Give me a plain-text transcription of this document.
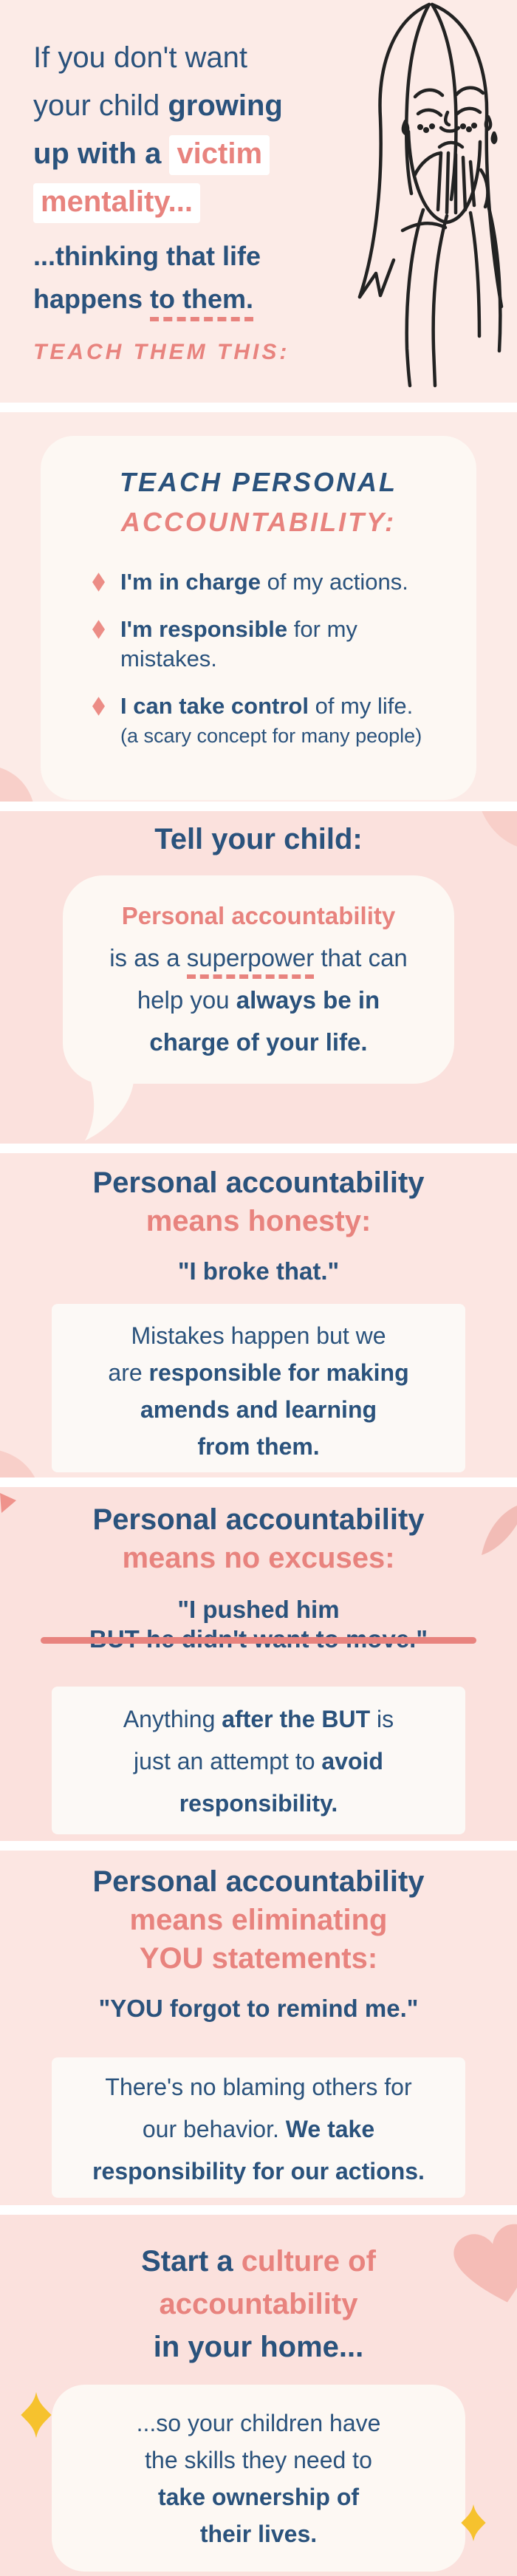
If you don't want
your child growing
up with a victim
mentality...
...thinking that life
happens to them.
TEACH THEM THIS:
TEACH PERSONAL
ACCOUNTABILITY:
I'm in charge of my actions.
I'm responsible for my mistakes.
I can take control of my life.
(a scary concept for many people)
Tell your child:
Personal accountability
is as a superpower that can
help you always be in
charge of your life.
Personal accountability
means honesty:
"I broke that."
Mistakes happen but we
are responsible for making
amends and learning
from them.
Personal accountability
means no excuses:
"I pushed him
Anything after the BUT is
just an attempt to avoid
responsibility.
Personal accountability
means eliminating
YOU statements:
"YOU forgot to remind me."
There's no blaming others for
our behavior. We take
responsibility for our actions.
Start a culture of
accountability
in your home...
...so your children have
the skills they need to
take ownership of
their lives.
